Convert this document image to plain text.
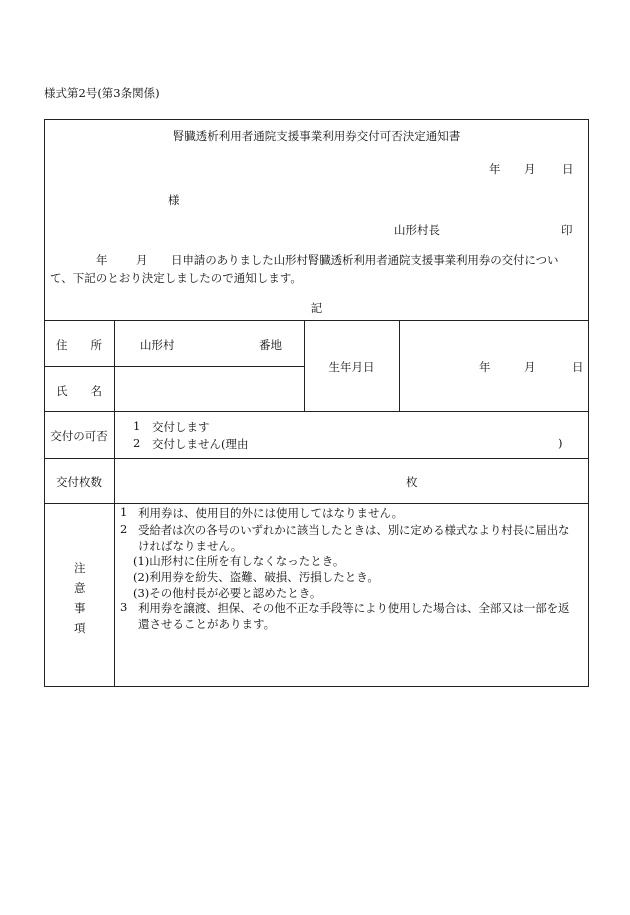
様式第2号(第3条関係)
腎臓透析利用者通院支援事業利用券交付可否決定通知書
年 月 日
様
山形村長	印
年 月 日申請のありました山形村腎臓透析利用者通院支援事業利用券の交付につい
て、下記のとおり決定しましたので通知します。
記
住　　所	山形村	番地
氏　　名
生年月日	年	月	日
交付の可否
1 交付します
2 交付しません(理由	)
交付枚数	枚
注
意
事
項
1 利用券は、使用目的外には使用してはなりません。
2 受給者は次の各号のいずれかに該当したときは、別に定める様式なより村長に届出な
ければなりません。
(1)山形村に住所を有しなくなったとき。
(2)利用券を紛失、盗難、破損、汚損したとき。
(3)その他村長が必要と認めたとき。
3 利用券を譲渡、担保、その他不正な手段等により使用した場合は、全部又は一部を返
還させることがあります。
